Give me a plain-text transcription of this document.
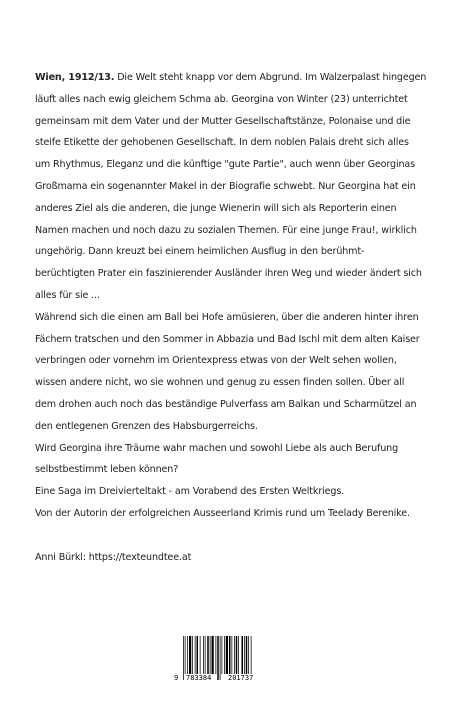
Wien, 1912/13. Die Welt steht knapp vor dem Abgrund. Im Walzerpalast hingegen
läuft alles nach ewig gleichem Schma ab. Georgina von Winter (23) unterrichtet
gemeinsam mit dem Vater und der Mutter Gesellschaftstänze, Polonaise und die
steife Etikette der gehobenen Gesellschaft. In dem noblen Palais dreht sich alles
um Rhythmus, Eleganz und die künftige "gute Partie", auch wenn über Georginas
Großmama ein sogenannter Makel in der Biografie schwebt. Nur Georgina hat ein
anderes Ziel als die anderen, die junge Wienerin will sich als Reporterin einen
Namen machen und noch dazu zu sozialen Themen. Für eine junge Frau!, wirklich
ungehörig. Dann kreuzt bei einem heimlichen Ausflug in den berühmt-
berüchtigten Prater ein faszinierender Ausländer ihren Weg und wieder ändert sich
alles für sie ...
Während sich die einen am Ball bei Hofe amüsieren, über die anderen hinter ihren
Fächern tratschen und den Sommer in Abbazia und Bad Ischl mit dem alten Kaiser
verbringen oder vornehm im Orientexpress etwas von der Welt sehen wollen,
wissen andere nicht, wo sie wohnen und genug zu essen finden sollen. Über all
dem drohen auch noch das beständige Pulverfass am Balkan und Scharmützel an
den entlegenen Grenzen des Habsburgerreichs.
Wird Georgina ihre Träume wahr machen und sowohl Liebe als auch Berufung
selbstbestimmt leben können?
Eine Saga im Dreivierteltakt - am Vorabend des Ersten Weltkriegs.
Von der Autorin der erfolgreichen Ausseerland Krimis rund um Teelady Berenike.
Anni Bürkl: https://texteundtee.at
9 783384 201737
